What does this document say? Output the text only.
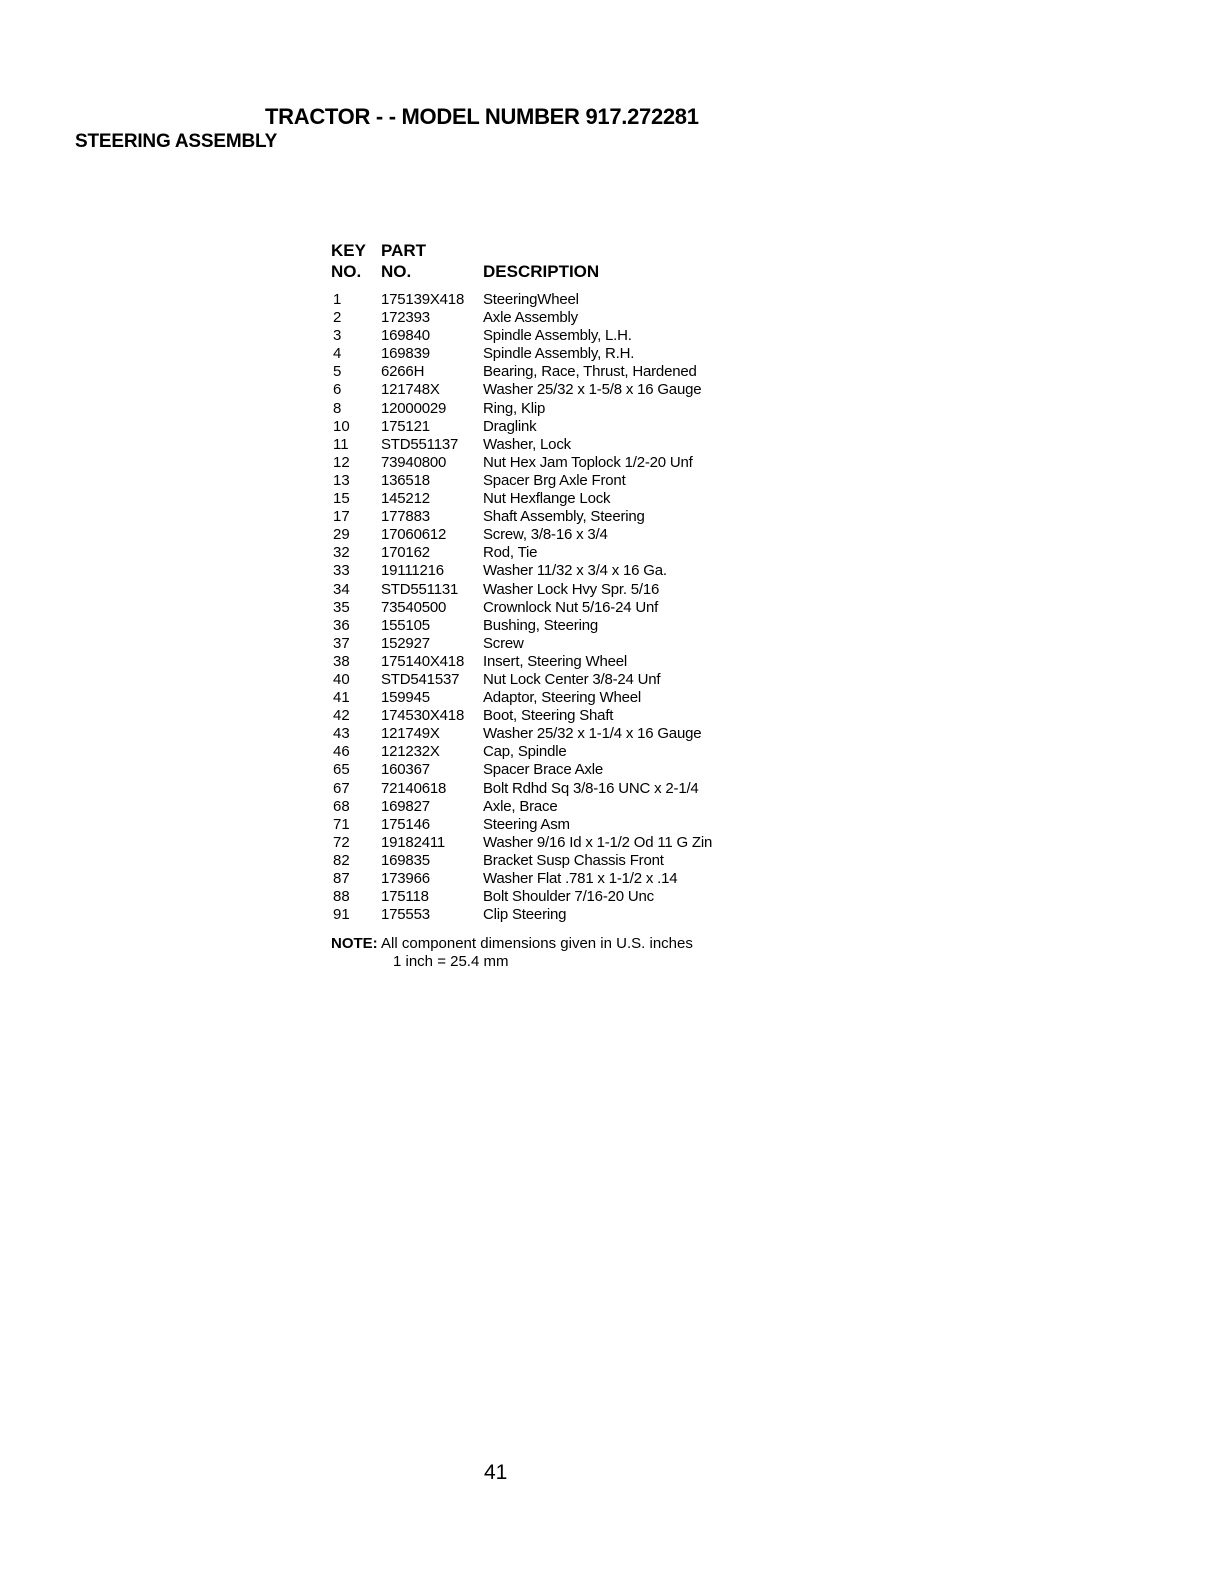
TRACTOR - - MODEL NUMBER 917.272281
STEERING ASSEMBLY
KEY
NO.
PART
NO.	DESCRIPTION
1	175139X418 SteeringWheel
2	172393	Axle Assembly
3	169840	Spindle Assembly, L.H.
4	169839	Spindle Assembly, R.H.
5	6266H	Bearing, Race, Thrust, Hardened
6	121748X	Washer 25/32 x 1-5/8 x 16 Gauge
8	12000029 Ring, Klip
10 175121	Draglink
11 STD551137 Washer, Lock
12 73940800 Nut Hex Jam Toplock 1/2-20 Unf
13 136518	Spacer Brg Axle Front
15 145212	Nut Hexflange Lock
17 177883	Shaft Assembly, Steering
29 17060612 Screw, 3/8-16 x 3/4
32 170162	Rod, Tie
33 19111216	Washer 11/32 x 3/4 x 16 Ga.
34 STD551131 Washer Lock Hvy Spr. 5/16
35 73540500 Crownlock Nut 5/16-24 Unf
36 155105	Bushing, Steering
37 152927	Screw
38 175140X418 Insert, Steering Wheel
40 STD541537 Nut Lock Center 3/8-24 Unf
41 159945	Adaptor, Steering Wheel
42 174530X418 Boot, Steering Shaft
43 121749X	Washer 25/32 x 1-1/4 x 16 Gauge
46 121232X	Cap, Spindle
65 160367	Spacer Brace Axle
67 72140618 Bolt Rdhd Sq 3/8-16 UNC x 2-1/4
68 169827	Axle, Brace
71 175146	Steering Asm
72 19182411	Washer 9/16 Id x 1-1/2 Od 11 G Zin
82 169835	Bracket Susp Chassis Front
87 173966	Washer Flat .781 x 1-1/2 x .14
88 175118	Bolt Shoulder 7/16-20 Unc
91 175553	Clip Steering
NOTE: All component dimensions given in U.S. inches
1 inch = 25.4 mm
41
